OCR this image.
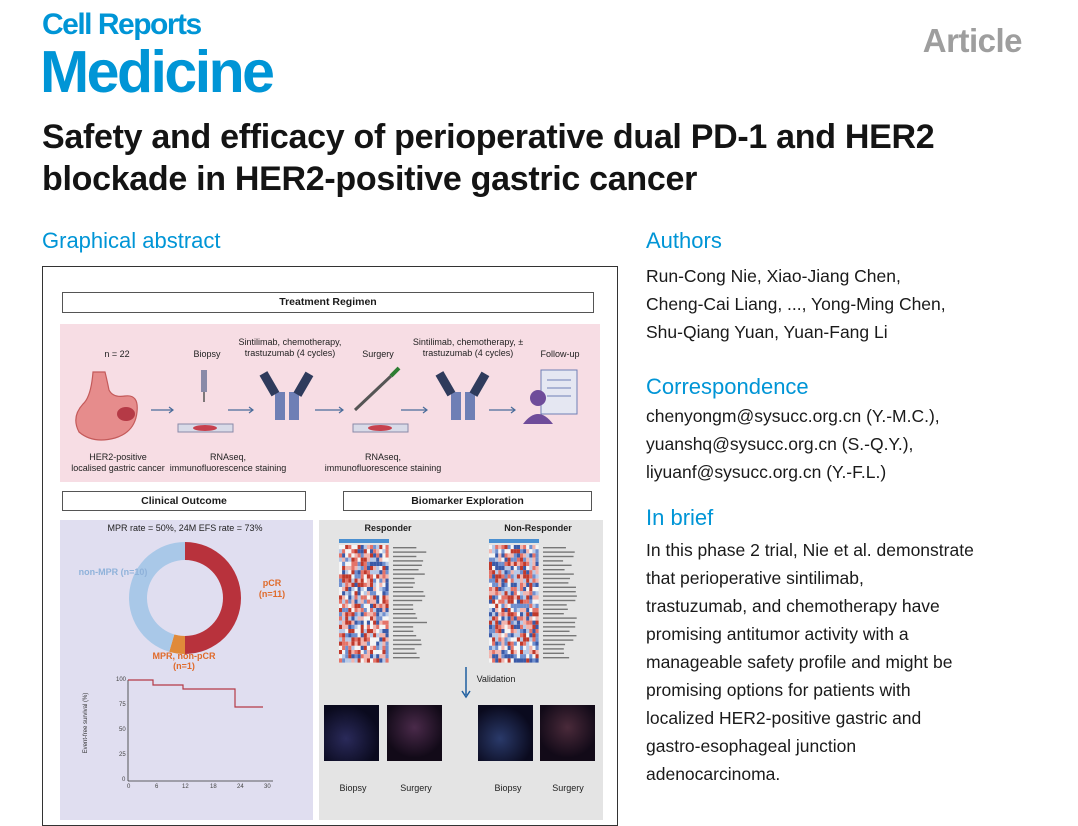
Cell Reports
Medicine	Article
Safety and efficacy of perioperative dual PD-1 and HER2 blockade in HER2-positive gastric cancer
Graphical abstract
Treatment Regimen
n = 22	Biopsy
Sintilimab, chemotherapy,
trastuzumab (4 cycles)	Surgery
Sintilimab, chemotherapy, ±
trastuzumab (4 cycles)	Follow-up
HER2-positive
localised gastric cancer
RNAseq,
immunofluorescence staining
RNAseq,
immunofluorescence staining
Clinical Outcome	Biomarker Exploration
MPR rate = 50%, 24M EFS rate = 73%
non-MPR (n=10)
pCR
(n=11)
MPR, non-pCR
(n=1)
Event-free survival (%)
100
75
50
25
0
0	6	12	18	24	30
Responder	Non-Responder
Validation
Biopsy	Surgery	Biopsy	Surgery
Authors
Run-Cong Nie, Xiao-Jiang Chen,
Cheng-Cai Liang, ..., Yong-Ming Chen,
Shu-Qiang Yuan, Yuan-Fang Li
Correspondence
chenyongm@sysucc.org.cn (Y.-M.C.),
yuanshq@sysucc.org.cn (S.-Q.Y.),
liyuanf@sysucc.org.cn (Y.-F.L.)
In brief
In this phase 2 trial, Nie et al. demonstrate
that perioperative sintilimab,
trastuzumab, and chemotherapy have
promising antitumor activity with a
manageable safety profile and might be
promising options for patients with
localized HER2-positive gastric and
gastro-esophageal junction
adenocarcinoma.
